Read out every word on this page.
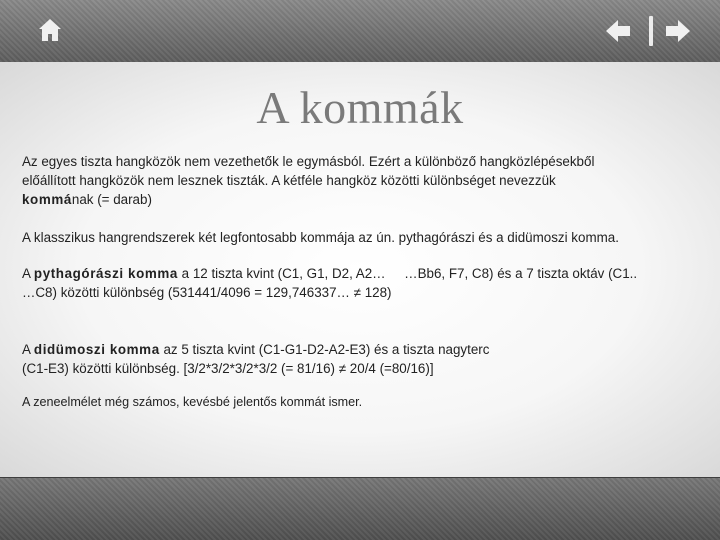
A kommák
Az egyes tiszta hangközök nem vezethetők le egymásból. Ezért a különböző hangközlépésekből
előállított hangközök nem lesznek tiszták. A kétféle hangköz közötti különbséget nevezzük
kommának (= darab)
A klasszikus hangrendszerek két legfontosabb kommája az ún. pythagórászi és a didümoszi komma.
A pythagórászi komma a 12 tiszta kvint (C1, G1, D2, A2…     …Bb6, F7, C8) és a 7 tiszta oktáv (C1..
…C8) közötti különbség (531441/4096 = 129,746337… ≠ 128)
A didümoszi komma az 5 tiszta kvint (C1-G1-D2-A2-E3) és a tiszta nagyterc
(C1-E3) közötti különbség. [3/2*3/2*3/2*3/2 (= 81/16) ≠ 20/4 (=80/16)]
A zeneelmélet még számos, kevésbé jelentős kommát ismer.
